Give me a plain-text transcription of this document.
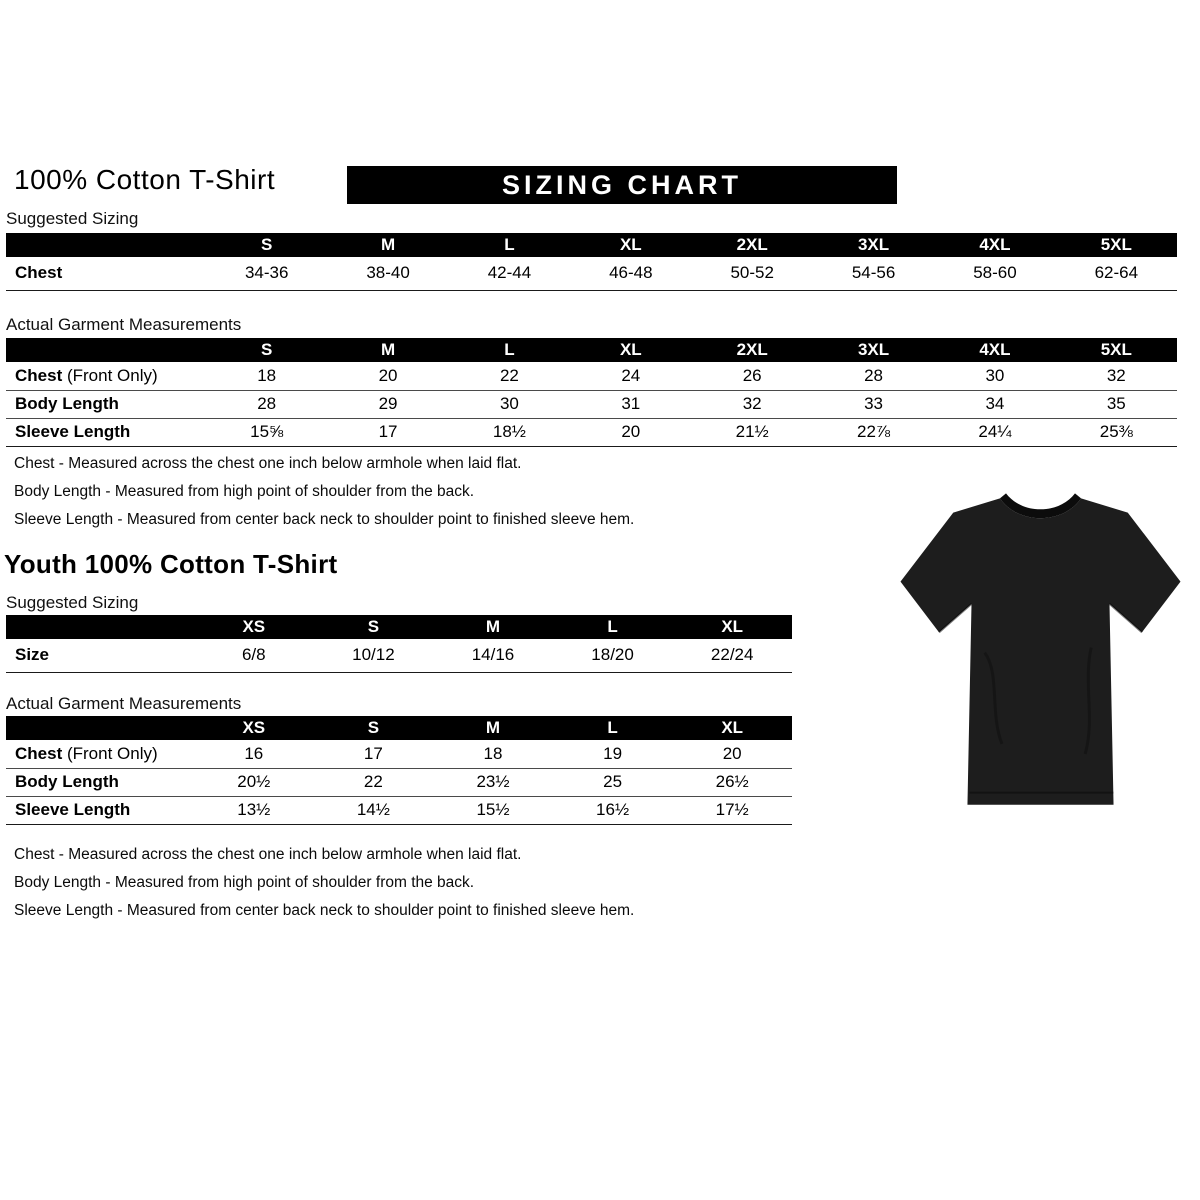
100% Cotton T-Shirt	SIZING CHART
Suggested Sizing
	S	M	L	XL	2XL	3XL	4XL	5XL
Chest	34-36	38-40	42-44	46-48	50-52	54-56	58-60	62-64
Actual Garment Measurements
	S	M	L	XL	2XL	3XL	4XL	5XL
Chest (Front Only)	18	20	22	24	26	28	30	32
Body Length	28	29	30	31	32	33	34	35
Sleeve Length	15⅝	17	18½	20	21½	22⅞	24¼	25⅜

Chest - Measured across the chest one inch below armhole when laid flat.

Body Length - Measured from high point of shoulder from the back.

Sleeve Length - Measured from center back neck to shoulder point to finished sleeve hem.

Youth 100% Cotton T-Shirt
Suggested Sizing
	XS	S	M	L	XL
Size	6/8	10/12	14/16	18/20	22/24
Actual Garment Measurements
	XS	S	M	L	XL
Chest (Front Only)	16	17	18	19	20
Body Length	20½	22	23½	25	26½
Sleeve Length	13½	14½	15½	16½	17½

Chest - Measured across the chest one inch below armhole when laid flat.

Body Length - Measured from high point of shoulder from the back.

Sleeve Length - Measured from center back neck to shoulder point to finished sleeve hem.
